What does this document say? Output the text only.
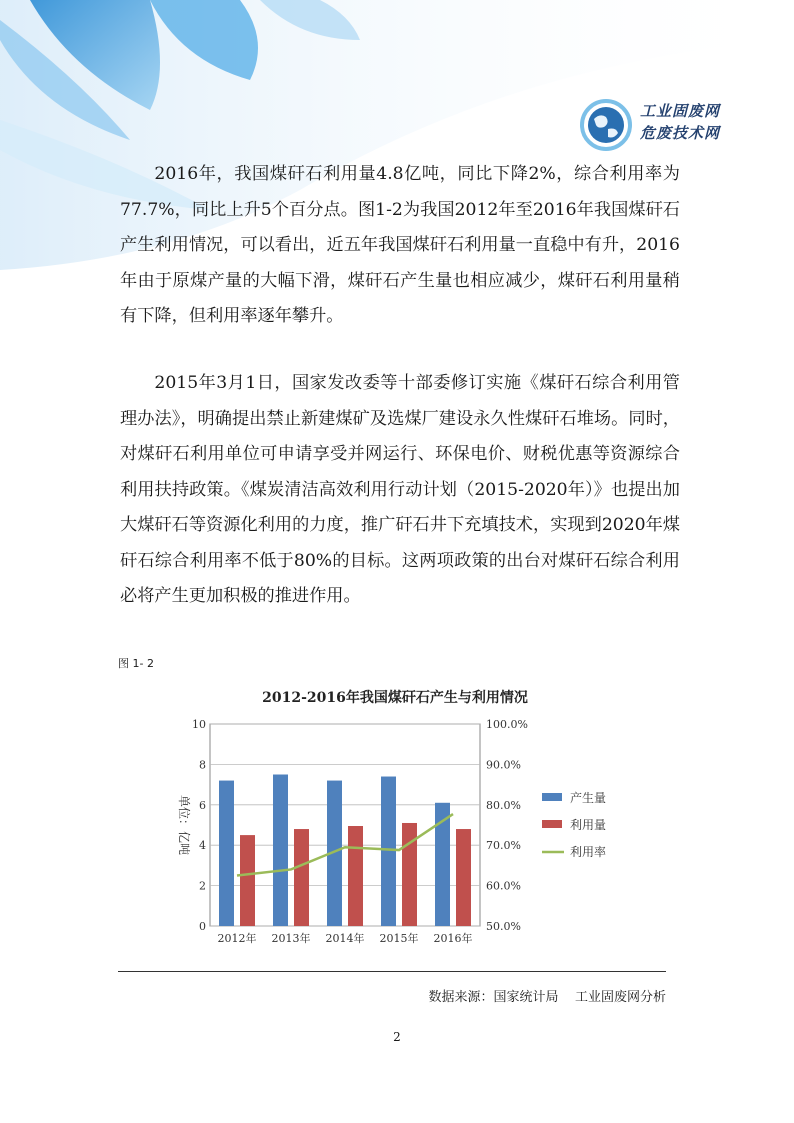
工业固废网
危废技术网

2016年，我国煤矸石利用量4.8亿吨，同比下降2%，综合利用率为77.7%，同比上升5个百分点。图1-2为我国2012年至2016年我国煤矸石产生利用情况，可以看出，近五年我国煤矸石利用量一直稳中有升，2016年由于原煤产量的大幅下滑，煤矸石产生量也相应减少，煤矸石利用量稍有下降，但利用率逐年攀升。

2015年3月1日，国家发改委等十部委修订实施《煤矸石综合利用管理办法》，明确提出禁止新建煤矿及选煤厂建设永久性煤矸石堆场。同时，对煤矸石利用单位可申请享受并网运行、环保电价、财税优惠等资源综合利用扶持政策。《煤炭清洁高效利用行动计划（2015-2020年）》也提出加大煤矸石等资源化利用的力度，推广矸石井下充填技术，实现到2020年煤矸石综合利用率不低于80%的目标。这两项政策的出台对煤矸石综合利用必将产生更加积极的推进作用。

图 1- 2
2012-2016年我国煤矸石产生与利用情况
0
2
4
6
8
10
50.0%
60.0%
70.0%
80.0%
90.0%
100.0%
单位：亿吨
2012年 2013年 2014年 2015年 2016年
产生量
利用量
利用率
数据来源：国家统计局    工业固废网分析
2
